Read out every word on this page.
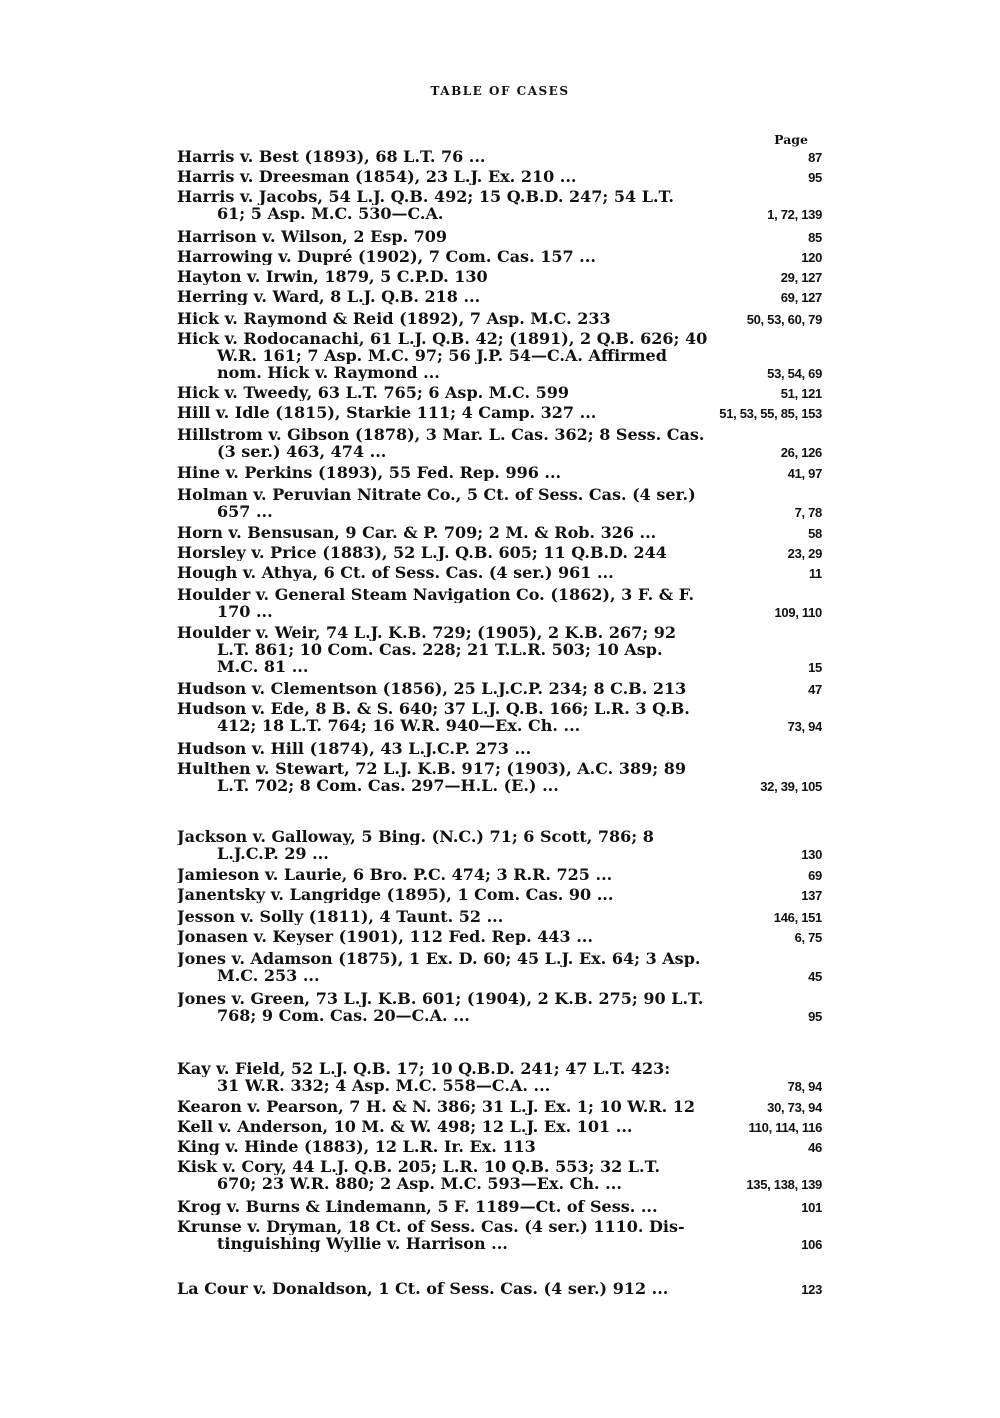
TABLE OF CASES
Page
Harris v. Best (1893), 68 L.T. 76 ...	87
Harris v. Dreesman (1854), 23 L.J. Ex. 210 ...	95
Harris v. Jacobs, 54 L.J. Q.B. 492; 15 Q.B.D. 247; 54 L.T.
61; 5 Asp. M.C. 530—C.A.	1, 72, 139
Harrison v. Wilson, 2 Esp. 709	85
Harrowing v. Dupré (1902), 7 Com. Cas. 157 ...	120
Hayton v. Irwin, 1879, 5 C.P.D. 130	29, 127
Herring v. Ward, 8 L.J. Q.B. 218 ...	69, 127
Hick v. Raymond & Reid (1892), 7 Asp. M.C. 233	50, 53, 60, 79
Hick v. Rodocanachi, 61 L.J. Q.B. 42; (1891), 2 Q.B. 626; 40
W.R. 161; 7 Asp. M.C. 97; 56 J.P. 54—C.A. Affirmed
nom. Hick v. Raymond ...	53, 54, 69
Hick v. Tweedy, 63 L.T. 765; 6 Asp. M.C. 599	51, 121
Hill v. Idle (1815), Starkie 111; 4 Camp. 327 ...	51, 53, 55, 85, 153
Hillstrom v. Gibson (1878), 3 Mar. L. Cas. 362; 8 Sess. Cas.
(3 ser.) 463, 474 ...	26, 126
Hine v. Perkins (1893), 55 Fed. Rep. 996 ...	41, 97
Holman v. Peruvian Nitrate Co., 5 Ct. of Sess. Cas. (4 ser.)
657 ...	7, 78
Horn v. Bensusan, 9 Car. & P. 709; 2 M. & Rob. 326 ...	58
Horsley v. Price (1883), 52 L.J. Q.B. 605; 11 Q.B.D. 244	23, 29
Hough v. Athya, 6 Ct. of Sess. Cas. (4 ser.) 961 ...	11
Houlder v. General Steam Navigation Co. (1862), 3 F. & F.
170 ...	109, 110
Houlder v. Weir, 74 L.J. K.B. 729; (1905), 2 K.B. 267; 92
L.T. 861; 10 Com. Cas. 228; 21 T.L.R. 503; 10 Asp.
M.C. 81 ...	15
Hudson v. Clementson (1856), 25 L.J.C.P. 234; 8 C.B. 213	47
Hudson v. Ede, 8 B. & S. 640; 37 L.J. Q.B. 166; L.R. 3 Q.B.
412; 18 L.T. 764; 16 W.R. 940—Ex. Ch. ...	73, 94
Hudson v. Hill (1874), 43 L.J.C.P. 273 ...
Hulthen v. Stewart, 72 L.J. K.B. 917; (1903), A.C. 389; 89
L.T. 702; 8 Com. Cas. 297—H.L. (E.) ...	32, 39, 105
Jackson v. Galloway, 5 Bing. (N.C.) 71; 6 Scott, 786; 8
L.J.C.P. 29 ...	130
Jamieson v. Laurie, 6 Bro. P.C. 474; 3 R.R. 725 ...	69
Janentsky v. Langridge (1895), 1 Com. Cas. 90 ...	137
Jesson v. Solly (1811), 4 Taunt. 52 ...	146, 151
Jonasen v. Keyser (1901), 112 Fed. Rep. 443 ...	6, 75
Jones v. Adamson (1875), 1 Ex. D. 60; 45 L.J. Ex. 64; 3 Asp.
M.C. 253 ...	45
Jones v. Green, 73 L.J. K.B. 601; (1904), 2 K.B. 275; 90 L.T.
768; 9 Com. Cas. 20—C.A. ...	95
Kay v. Field, 52 L.J. Q.B. 17; 10 Q.B.D. 241; 47 L.T. 423:
31 W.R. 332; 4 Asp. M.C. 558—C.A. ...	78, 94
Kearon v. Pearson, 7 H. & N. 386; 31 L.J. Ex. 1; 10 W.R. 12	30, 73, 94
Kell v. Anderson, 10 M. & W. 498; 12 L.J. Ex. 101 ...	110, 114, 116
King v. Hinde (1883), 12 L.R. Ir. Ex. 113	46
Kisk v. Cory, 44 L.J. Q.B. 205; L.R. 10 Q.B. 553; 32 L.T.
670; 23 W.R. 880; 2 Asp. M.C. 593—Ex. Ch. ...	135, 138, 139
Krog v. Burns & Lindemann, 5 F. 1189—Ct. of Sess. ...	101
Krunse v. Dryman, 18 Ct. of Sess. Cas. (4 ser.) 1110. Dis-
tinguishing Wyllie v. Harrison ...	106
La Cour v. Donaldson, 1 Ct. of Sess. Cas. (4 ser.) 912 ...	123
